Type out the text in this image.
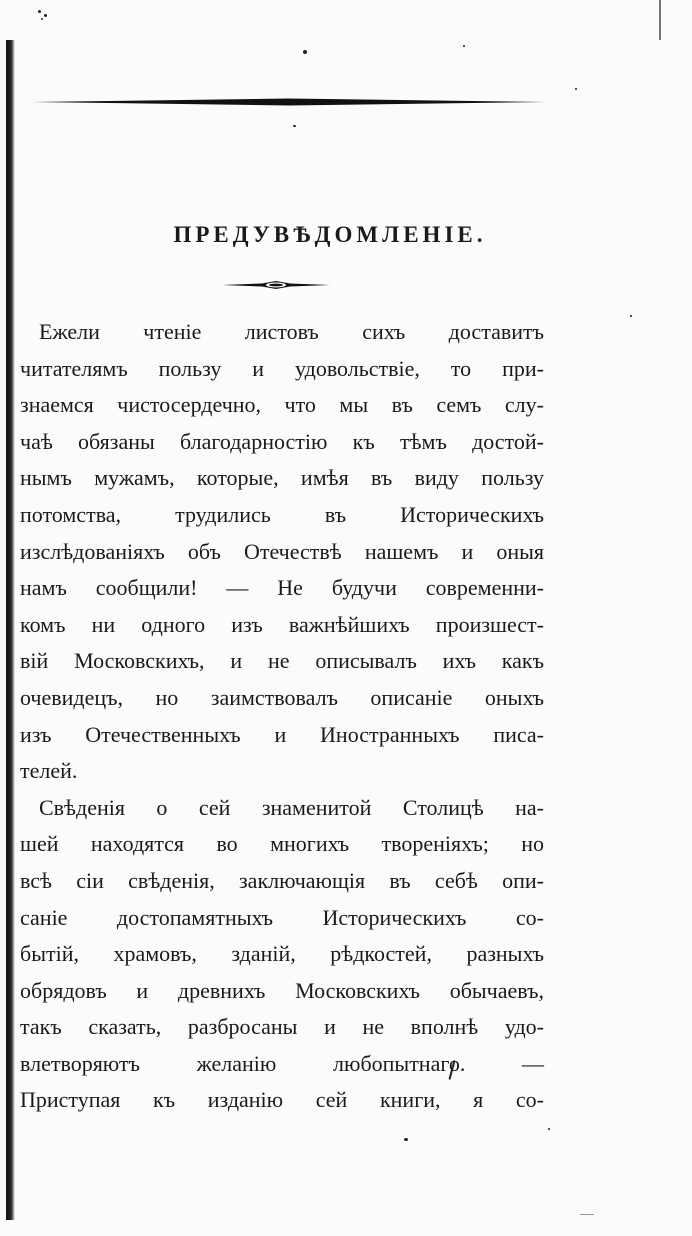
ПРЕДУВѢДОМЛЕНIЕ.
Ежели чтенiе листовъ сихъ доставитъ
читателямъ пользу и удовольствiе, то при-
знаемся чистосердечно, что мы въ семъ слу-
чаѣ обязаны благодарностiю къ тѣмъ достой-
нымъ мужамъ, которые, имѣя въ виду пользу
потомства, трудились въ Историческихъ
изслѣдованiяхъ объ Отечествѣ нашемъ и оныя
намъ сообщили! — Не будучи современни-
комъ ни одного изъ важнѣйшихъ произшест-
вiй Московскихъ, и не описывалъ ихъ какъ
очевидецъ, но заимствовалъ описанiе оныхъ
изъ Отечественныхъ и Иностранныхъ писа-
телей.
Свѣденiя о сей знаменитой Столицѣ на-
шей находятся во многихъ творенiяхъ; но
всѣ сiи свѣденiя, заключающiя въ себѣ опи-
санiе достопамятныхъ Историческихъ со-
бытiй, храмовъ, зданiй, рѣдкостей, разныхъ
обрядовъ и древнихъ Московскихъ обычаевъ,
такъ сказать, разбросаны и не вполнѣ удо-
влетворяютъ желанiю любопытнаго. —
Приступая къ изданiю сей книги, я со-
